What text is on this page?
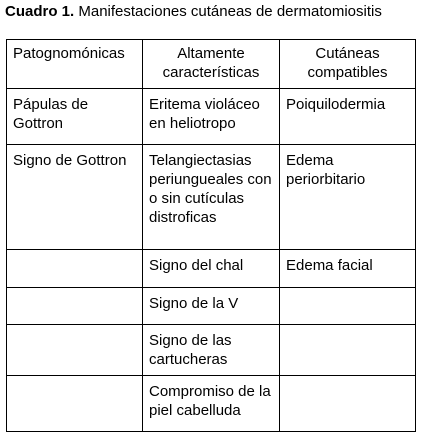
Cuadro 1. Manifestaciones cutáneas de dermatomiositis
Patognomónicas	Altamente características	Cutáneas compatibles
Pápulas de Gottron	Eritema violáceo en heliotropo	Poiquilodermia
Signo de Gottron	Telangiectasias periungueales con o sin cutículas distroficas	Edema periorbitario
	Signo del chal	Edema facial
	Signo de la V	
	Signo de las cartucheras	
	Compromiso de la piel cabelluda	
